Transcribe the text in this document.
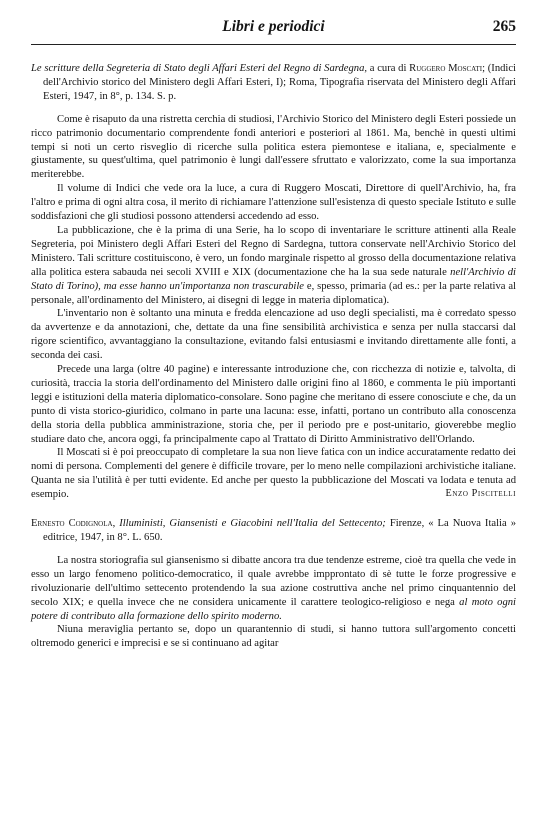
Libri e periodici	265
Le scritture della Segreteria di Stato degli Affari Esteri del Regno di Sardegna, a cura di Ruggero Moscati; (Indici dell'Archivio storico del Ministero degli Affari Esteri, I); Roma, Tipografia riservata del Ministero degli Affari Esteri, 1947, in 8°, p. 134. S. p.

Come è risaputo da una ristretta cerchia di studiosi, l'Archivio Storico del Ministero degli Esteri possiede un ricco patrimonio documentario comprendente fondi anteriori e posteriori al 1861. Ma, benchè in questi ultimi tempi si noti un certo risveglio di ricerche sulla politica estera piemontese e italiana, e, specialmente e giustamente, su quest'ultima, quel patrimonio è lungi dall'essere sfruttato e valorizzato, come la sua importanza meriterebbe.

Il volume di Indici che vede ora la luce, a cura di Ruggero Moscati, Direttore di quell'Archivio, ha, fra l'altro e prima di ogni altra cosa, il merito di richiamare l'attenzione sull'esistenza di questo speciale Istituto e sulle soddisfazioni che gli studiosi possono attendersi accedendo ad esso.

La pubblicazione, che è la prima di una Serie, ha lo scopo di inventariare le scritture attinenti alla Reale Segreteria, poi Ministero degli Affari Esteri del Regno di Sardegna, tuttora conservate nell'Archivio Storico del Ministero. Tali scritture costituiscono, è vero, un fondo marginale rispetto al grosso della documentazione relativa alla politica estera sabauda nei secoli XVIII e XIX (documentazione che ha la sua sede naturale nell'Archivio di Stato di Torino), ma esse hanno un'importanza non trascurabile e, spesso, primaria (ad es.: per la parte relativa al personale, all'ordinamento del Ministero, ai disegni di legge in materia diplomatica).

L'inventario non è soltanto una minuta e fredda elencazione ad uso degli specialisti, ma è corredato spesso da avvertenze e da annotazioni, che, dettate da una fine sensibilità archivistica e senza per nulla staccarsi dal rigore scientifico, avvantaggiano la consultazione, evitando falsi entusiasmi e invitando direttamente alle fonti, a seconda dei casi.

Precede una larga (oltre 40 pagine) e interessante introduzione che, con ricchezza di notizie e, talvolta, di curiosità, traccia la storia dell'ordinamento del Ministero dalle origini fino al 1860, e commenta le più importanti leggi e istituzioni della materia diplomatico-consolare. Sono pagine che meritano di essere conosciute e che, da un punto di vista storico-giuridico, colmano in parte una lacuna: esse, infatti, portano un contributo alla conoscenza della storia della pubblica amministrazione, storia che, per il periodo pre e post-unitario, gioverebbe meglio studiare dato che, ancora oggi, fa principalmente capo al Trattato di Diritto Amministrativo dell'Orlando.

Il Moscati si è poi preoccupato di completare la sua non lieve fatica con un indice accuratamente redatto dei nomi di persona. Complementi del genere è difficile trovare, per lo meno nelle compilazioni archivistiche italiane. Quanta ne sia l'utilità è per tutti evidente. Ed anche per questo la pubblicazione del Moscati va lodata e tenuta ad esempio.	Enzo Piscitelli
Ernesto Codignola, Illuministi, Giansenisti e Giacobini nell'Italia del Settecento; Firenze, « La Nuova Italia » editrice, 1947, in 8°. L. 650.

La nostra storiografia sul giansenismo si dibatte ancora tra due tendenze estreme, cioè tra quella che vede in esso un largo fenomeno politico-democratico, il quale avrebbe impprontato di sè tutte le forze progressive e rivoluzionarie dell'ultimo settecento protendendo la sua azione costruttiva anche nel primo cinquantennio del secolo XIX; e quella invece che ne considera unicamente il carattere teologico-religioso e nega al moto ogni potere di contributo alla formazione dello spirito moderno.

Niuna meraviglia pertanto se, dopo un quarantennio di studi, si hanno tuttora sull'argomento concetti oltremodo generici e imprecisi e se si continuano ad agitar
